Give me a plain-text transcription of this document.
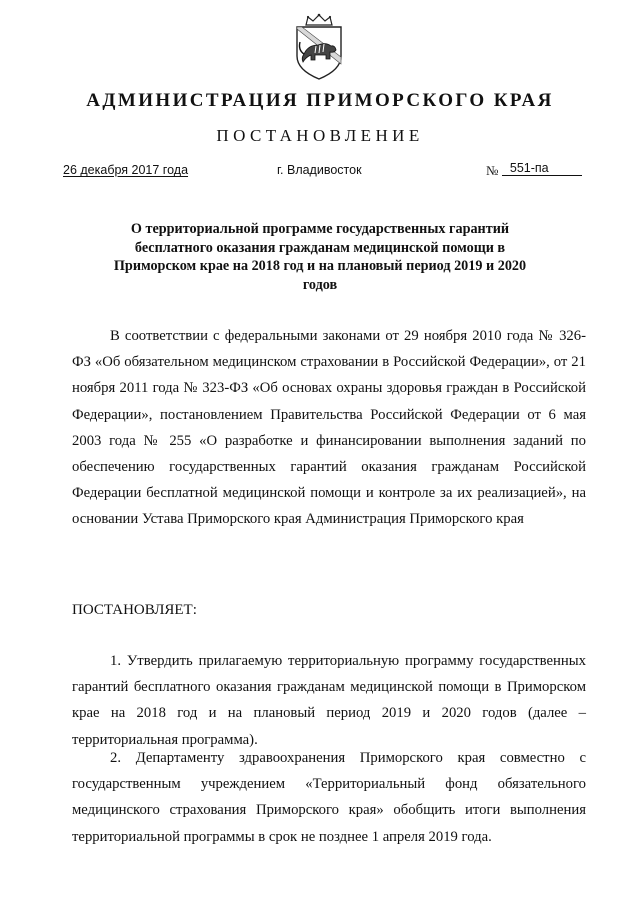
АДМИНИСТРАЦИЯ ПРИМОРСКОГО КРАЯ
ПОСТАНОВЛЕНИЕ
26 декабря 2017 года	г. Владивосток	№ 551-па
О территориальной программе государственных гарантий бесплатного оказания гражданам медицинской помощи в Приморском крае на 2018 год и на плановый период 2019 и 2020 годов

В соответствии с федеральными законами от 29 ноября 2010 года № 326-ФЗ «Об обязательном медицинском страховании в Российской Федерации», от 21 ноября 2011 года № 323-ФЗ «Об основах охраны здоровья граждан в Российской Федерации», постановлением Правительства Российской Федерации от 6 мая 2003 года № 255 «О разработке и финансировании выполнения заданий по обеспечению государственных гарантий оказания гражданам Российской Федерации бесплатной медицинской помощи и контроле за их реализацией», на основании Устава Приморского края Администрация Приморского края

ПОСТАНОВЛЯЕТ:

1. Утвердить прилагаемую территориальную программу государственных гарантий бесплатного оказания гражданам медицинской помощи в Приморском крае на 2018 год и на плановый период 2019 и 2020 годов (далее – территориальная программа).

2. Департаменту здравоохранения Приморского края совместно с государственным учреждением «Территориальный фонд обязательного медицинского страхования Приморского края» обобщить итоги выполнения территориальной программы в срок не позднее 1 апреля 2019 года.
